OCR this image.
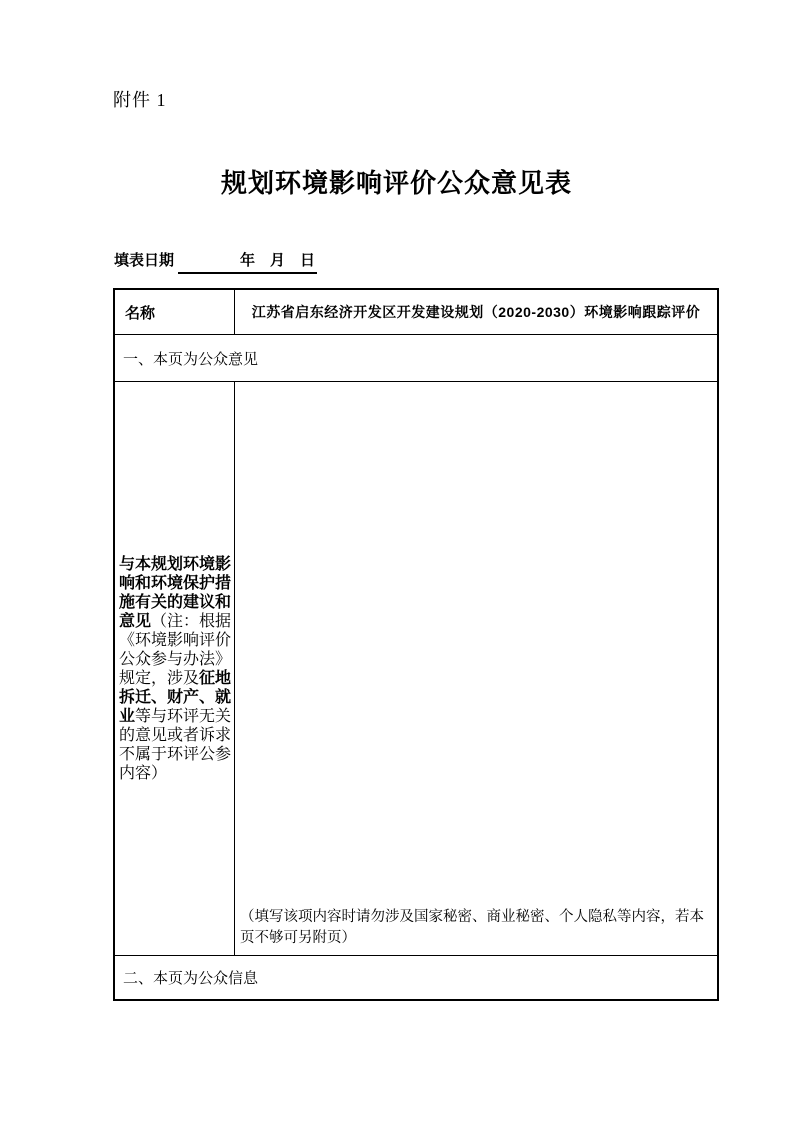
附件 1
规划环境影响评价公众意见表
填表日期　　　　年　月　日
名称	江苏省启东经济开发区开发建设规划（2020-2030）环境影响跟踪评价
一、本页为公众意见
与本规划环境影响和环境保护措施有关的建议和意见（注：根据《环境影响评价公众参与办法》规定，涉及征地拆迁、财产、就业等与环评无关的意见或者诉求不属于环评公参内容）
（填写该项内容时请勿涉及国家秘密、商业秘密、个人隐私等内容，若本页不够可另附页）
二、本页为公众信息
